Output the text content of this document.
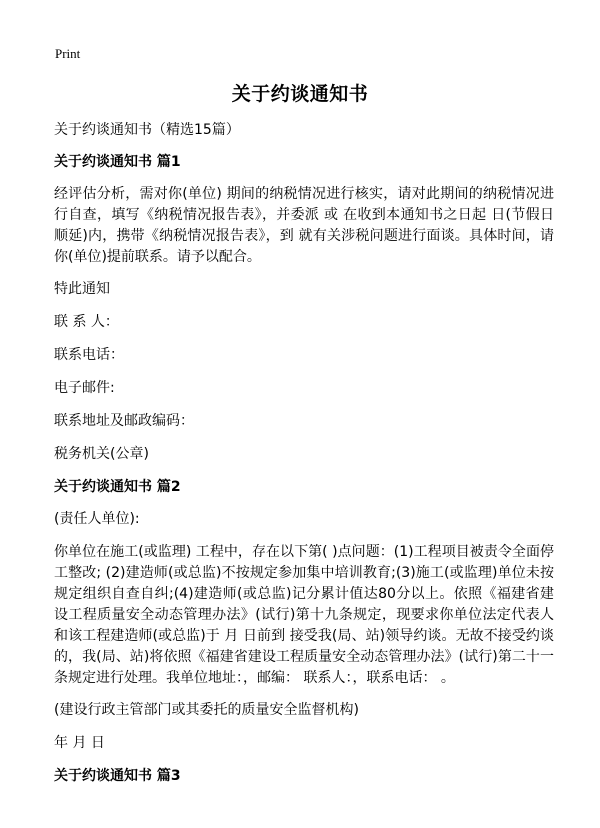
Print
关于约谈通知书

关于约谈通知书（精选15篇）

关于约谈通知书 篇1

经评估分析，需对你(单位) 期间的纳税情况进行核实，请对此期间的纳税情况进行自查，填写《纳税情况报告表》，并委派 或 在收到本通知书之日起 日(节假日顺延)内，携带《纳税情况报告表》，到 就有关涉税问题进行面谈。具体时间，请你(单位)提前联系。请予以配合。

特此通知

联 系 人：

联系电话：

电子邮件:

联系地址及邮政编码：

税务机关(公章)

关于约谈通知书 篇2

(责任人单位):

你单位在施工(或监理) 工程中，存在以下第( )点问题：(1)工程项目被责令全面停工整改; (2)建造师(或总监)不按规定参加集中培训教育;(3)施工(或监理)单位未按规定组织自查自纠;(4)建造师(或总监)记分累计值达80分以上。依照《福建省建设工程质量安全动态管理办法》(试行)第十九条规定，现要求你单位法定代表人和该工程建造师(或总监)于 月 日前到 接受我(局、站)领导约谈。无故不接受约谈的，我(局、站)将依照《福建省建设工程质量安全动态管理办法》(试行)第二十一条规定进行处理。我单位地址：，邮编： 联系人：，联系电话： 。

(建设行政主管部门或其委托的质量安全监督机构)

年 月 日

关于约谈通知书 篇3
